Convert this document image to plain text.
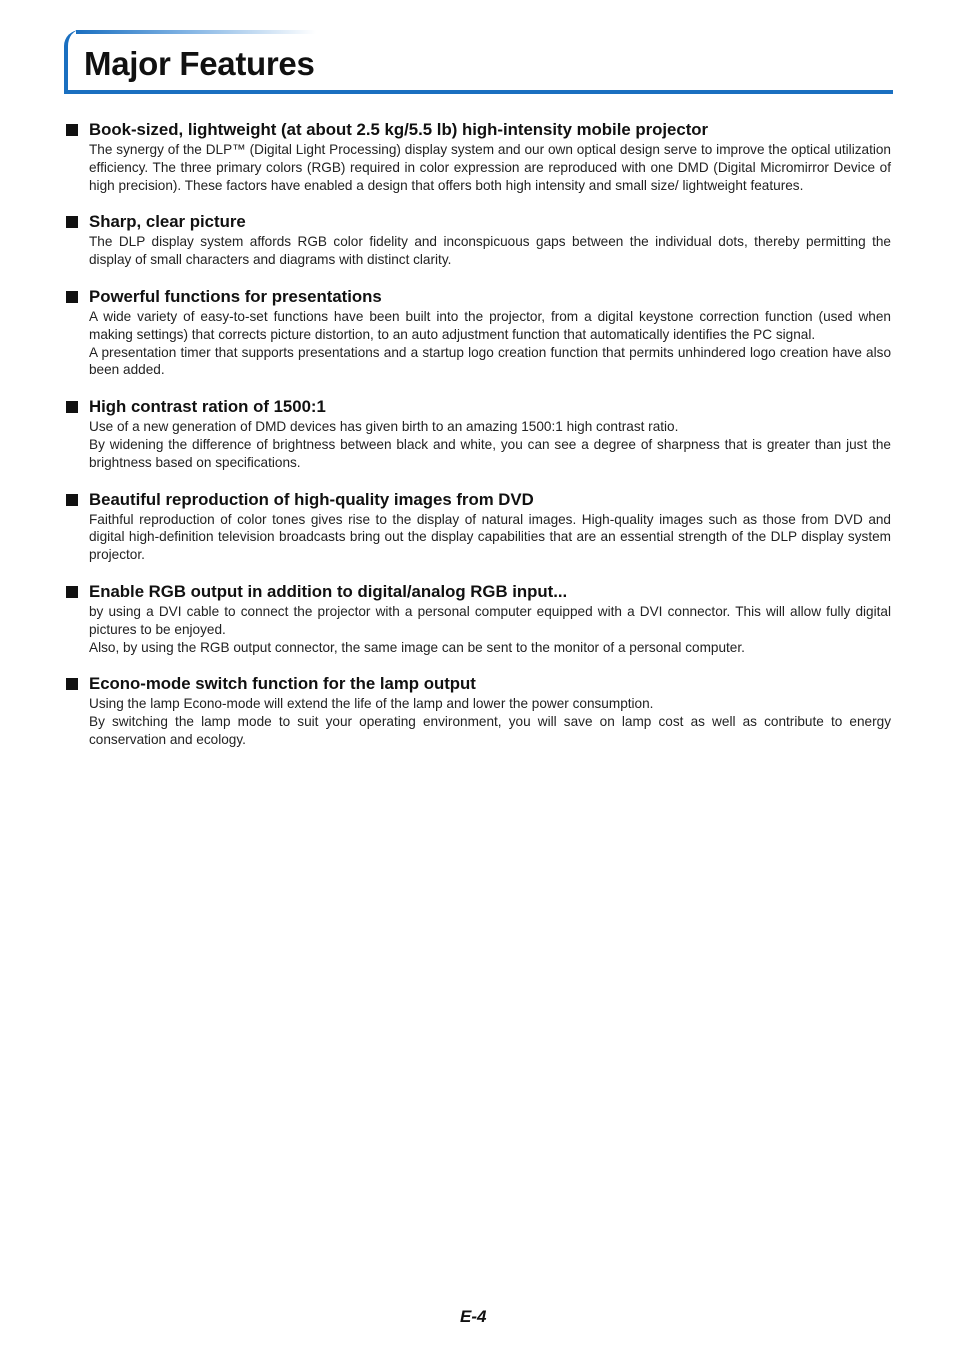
Major Features
Book-sized, lightweight (at about 2.5 kg/5.5 lb) high-intensity mobile projector

The synergy of the DLP™ (Digital Light Processing) display system and our own optical design serve to improve the optical utilization efficiency. The three primary colors (RGB) required in color expression are reproduced with one DMD (Digital Micromirror Device of high precision). These factors have enabled a design that offers both high intensity and small size/ lightweight features.

Sharp, clear picture

The DLP display system affords RGB color fidelity and inconspicuous gaps between the individual dots, thereby permitting the display of small characters and diagrams with distinct clarity.

Powerful functions for presentations

A wide variety of easy-to-set functions have been built into the projector, from a digital keystone correction function (used when making settings) that corrects picture distortion, to an auto adjustment function that automatically identifies the PC signal.

A presentation timer that supports presentations and a startup logo creation function that permits unhindered logo creation have also been added.

High contrast ration of 1500:1

Use of a new generation of DMD devices has given birth to an amazing 1500:1 high contrast ratio.

By widening the difference of brightness between black and white, you can see a degree of sharpness that is greater than just the brightness based on specifications.

Beautiful reproduction of high-quality images from DVD

Faithful reproduction of color tones gives rise to the display of natural images. High-quality images such as those from DVD and digital high-definition television broadcasts bring out the display capabilities that are an essential strength of the DLP display system projector.

Enable RGB output in addition to digital/analog RGB input...

by using a DVI cable to connect the projector with a personal computer equipped with a DVI connector. This will allow fully digital pictures to be enjoyed.

Also, by using the RGB output connector, the same image can be sent to the monitor of a personal computer.

Econo-mode switch function for the lamp output

Using the lamp Econo-mode will extend the life of the lamp and lower the power consumption.

By switching the lamp mode to suit your operating environment, you will save on lamp cost as well as contribute to energy conservation and ecology.

E-4
